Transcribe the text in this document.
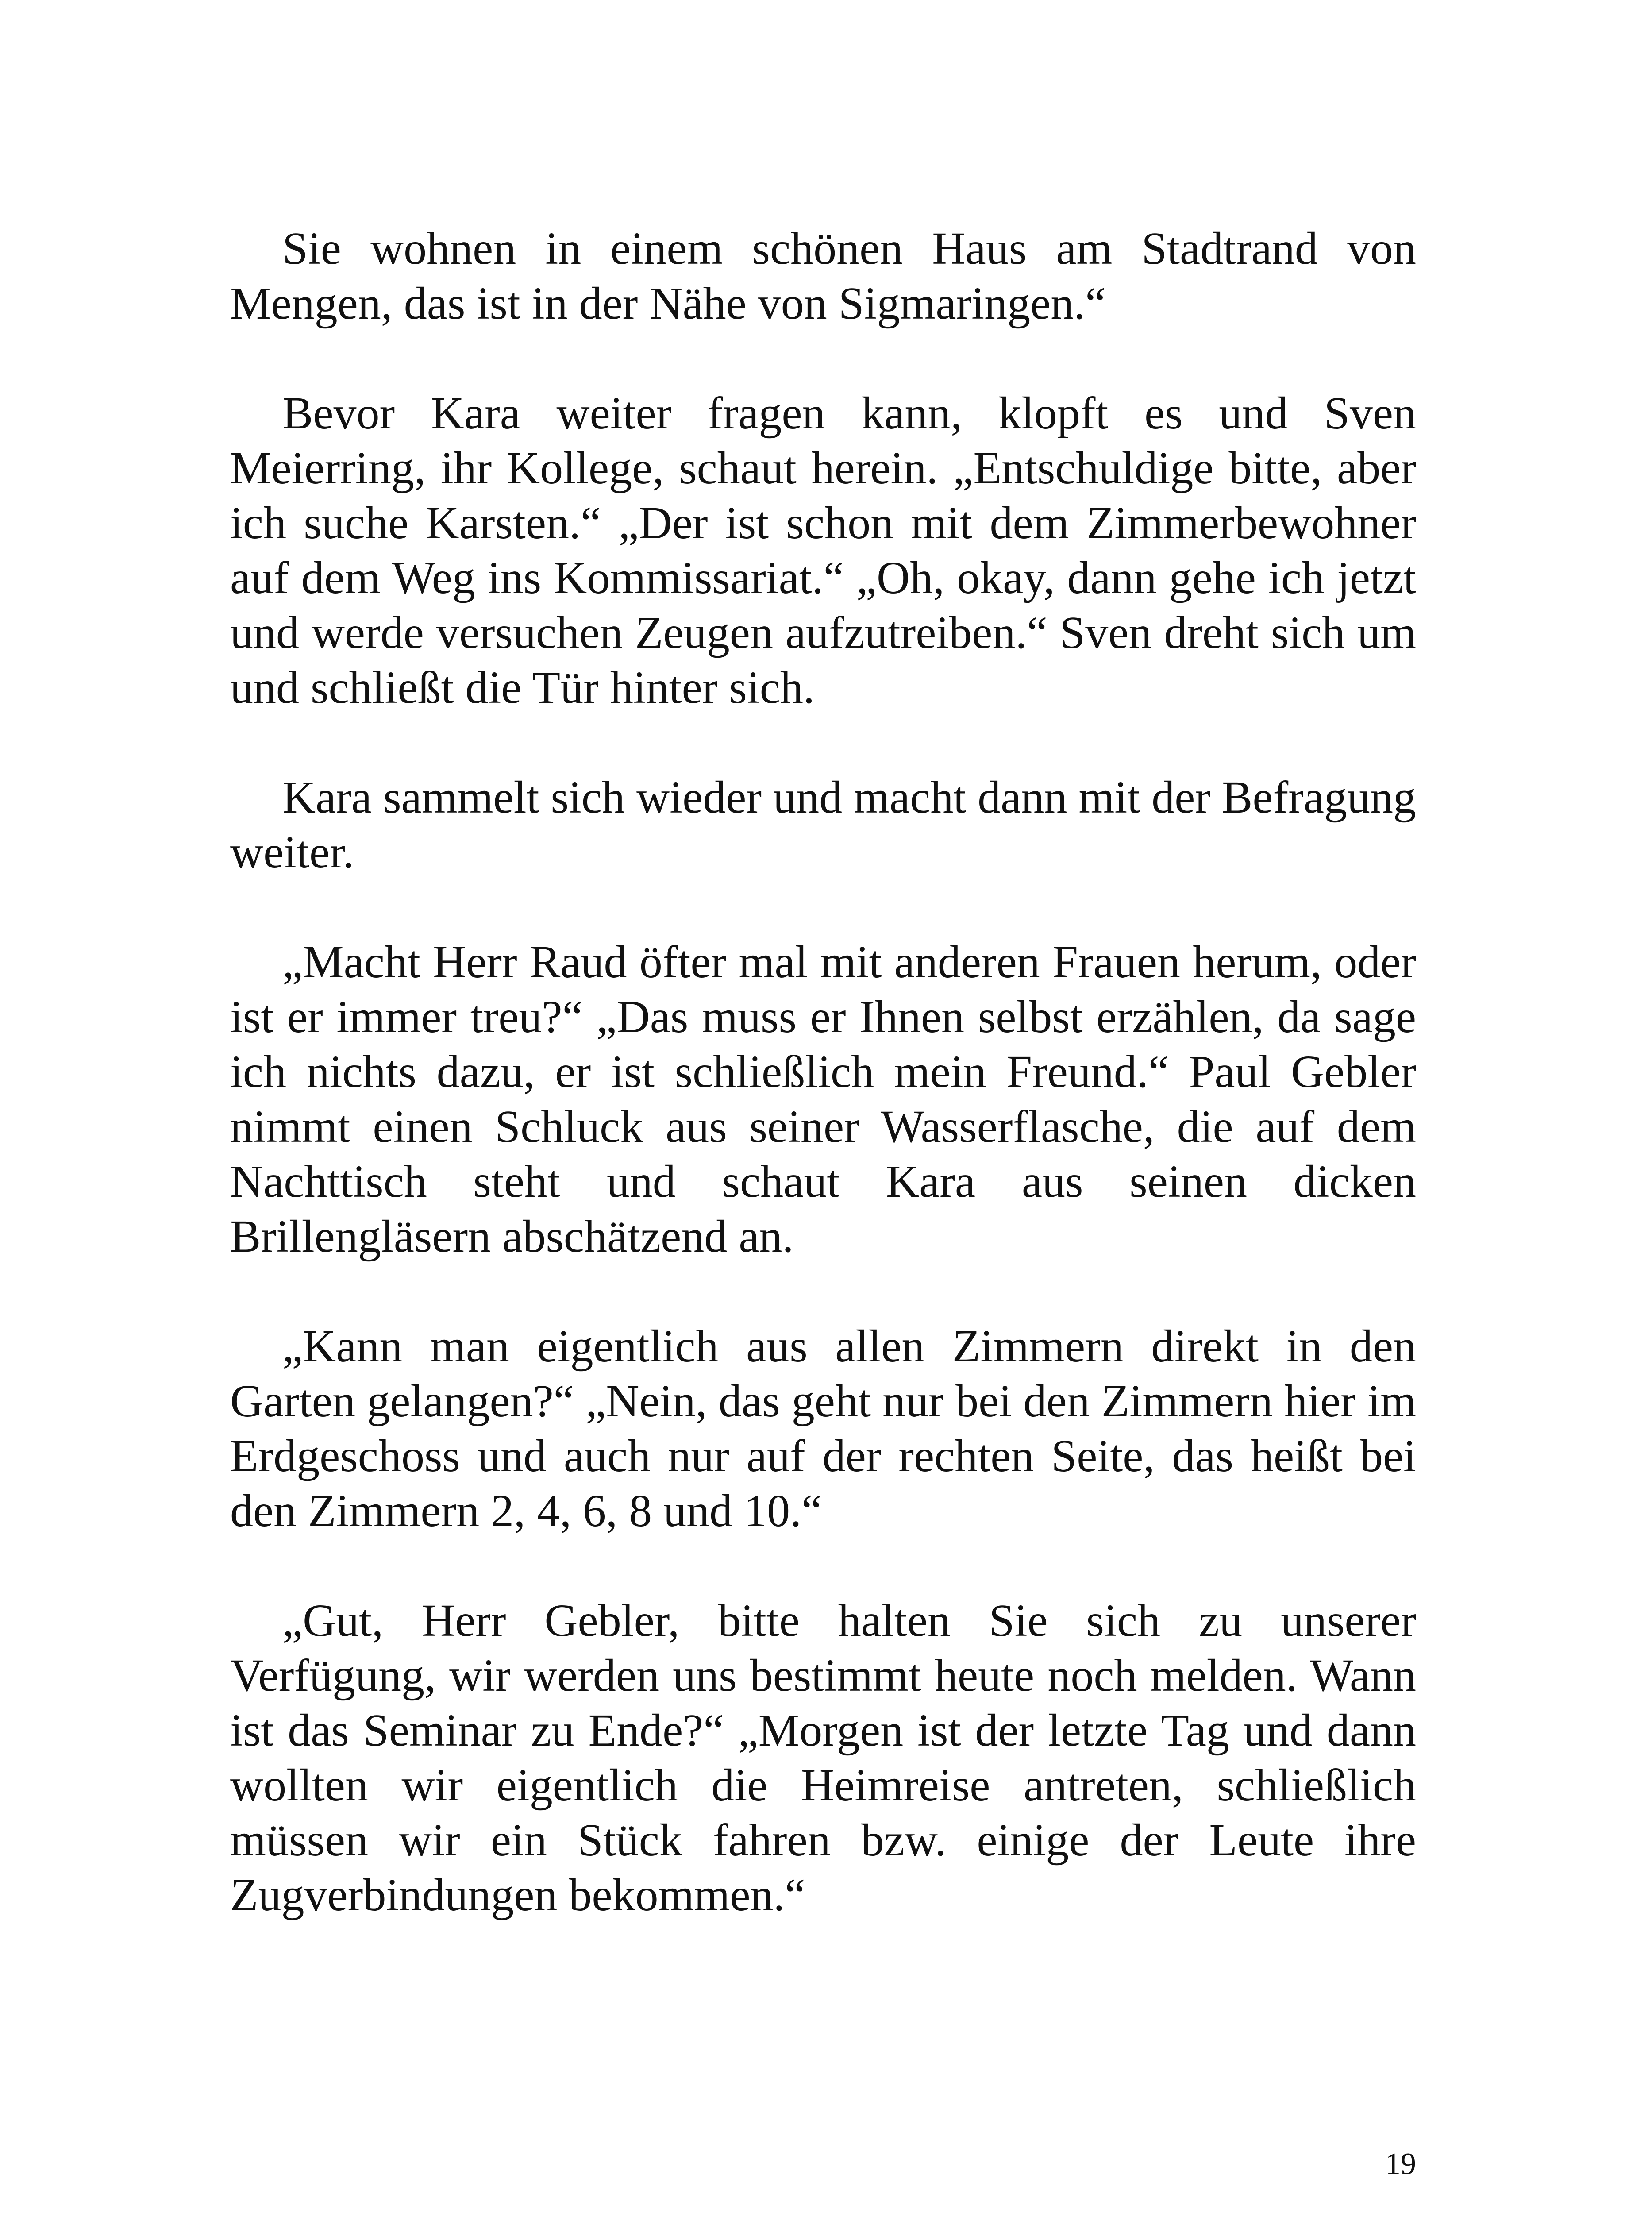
Sie wohnen in einem schönen Haus am Stadtrand von Mengen, das ist in der Nähe von Sigmaringen.“

Bevor Kara weiter fragen kann, klopft es und Sven Meierring, ihr Kollege, schaut herein. „Entschuldige bitte, aber ich suche Karsten.“ „Der ist schon mit dem Zimmerbewohner auf dem Weg ins Kommissariat.“ „Oh, okay, dann gehe ich jetzt und werde versuchen Zeugen aufzutreiben.“ Sven dreht sich um und schließt die Tür hinter sich.

Kara sammelt sich wieder und macht dann mit der Befragung weiter.

„Macht Herr Raud öfter mal mit anderen Frauen herum, oder ist er immer treu?“ „Das muss er Ihnen selbst erzählen, da sage ich nichts dazu, er ist schließlich mein Freund.“ Paul Gebler nimmt einen Schluck aus seiner Wasserflasche, die auf dem Nachttisch steht und schaut Kara aus seinen dicken Brillengläsern abschätzend an.

„Kann man eigentlich aus allen Zimmern direkt in den Garten gelangen?“ „Nein, das geht nur bei den Zimmern hier im Erdgeschoss und auch nur auf der rechten Seite, das heißt bei den Zimmern 2, 4, 6, 8 und 10.“

„Gut, Herr Gebler, bitte halten Sie sich zu unserer Verfügung, wir werden uns bestimmt heute noch melden. Wann ist das Seminar zu Ende?“ „Morgen ist der letzte Tag und dann wollten wir eigentlich die Heimreise antreten, schließlich müssen wir ein Stück fahren bzw. einige der Leute ihre Zugverbindungen bekommen.“

19
